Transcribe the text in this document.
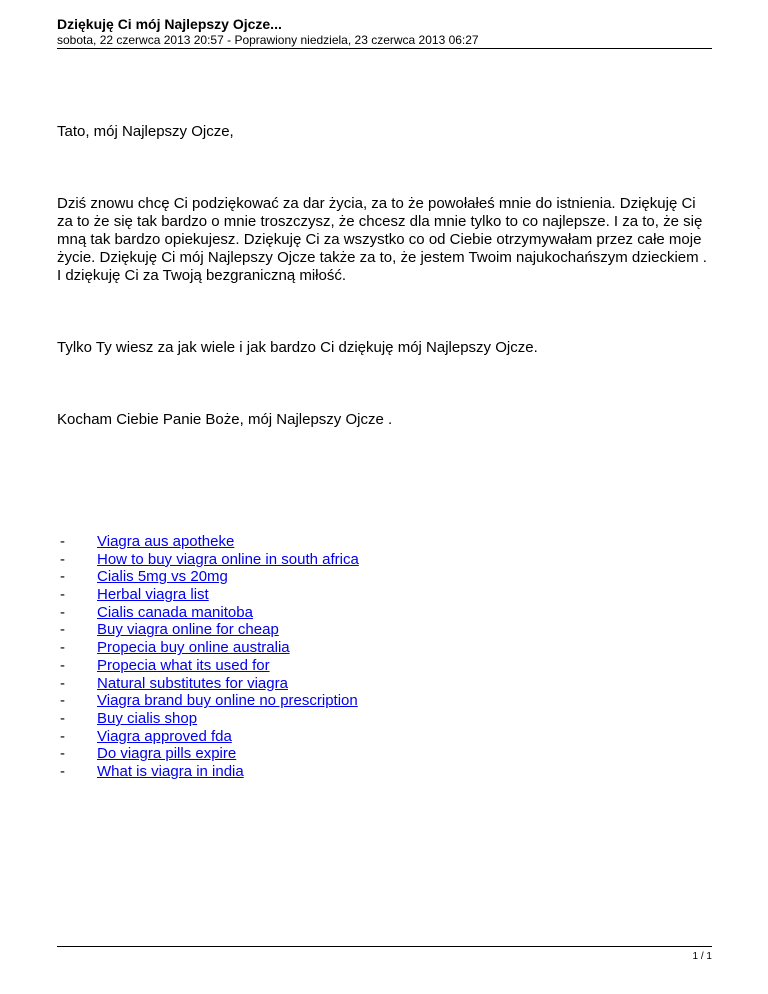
Dziękuję Ci mój Najlepszy Ojcze...
sobota, 22 czerwca 2013 20:57 - Poprawiony niedziela, 23 czerwca 2013 06:27

Tato, mój Najlepszy Ojcze,

Dziś znowu chcę Ci podziękować za dar życia, za to że powołałeś mnie do istnienia. Dziękuję Ci za to że się tak bardzo o mnie troszczysz, że chcesz dla mnie tylko to co najlepsze. I za to, że się mną tak bardzo opiekujesz. Dziękuję Ci za wszystko co od Ciebie otrzymywałam przez całe moje życie. Dziękuję Ci mój Najlepszy Ojcze także za to, że jestem Twoim najukochańszym dzieckiem . I dziękuję Ci za Twoją bezgraniczną miłość.

Tylko Ty wiesz za jak wiele i jak bardzo Ci dziękuję mój Najlepszy Ojcze.

Kocham Ciebie Panie Boże, mój Najlepszy Ojcze .

- Viagra aus apotheke
- How to buy viagra online in south africa
- Cialis 5mg vs 20mg
- Herbal viagra list
- Cialis canada manitoba
- Buy viagra online for cheap
- Propecia buy online australia
- Propecia what its used for
- Natural substitutes for viagra
- Viagra brand buy online no prescription
- Buy cialis shop
- Viagra approved fda
- Do viagra pills expire
- What is viagra in india
1 / 1
